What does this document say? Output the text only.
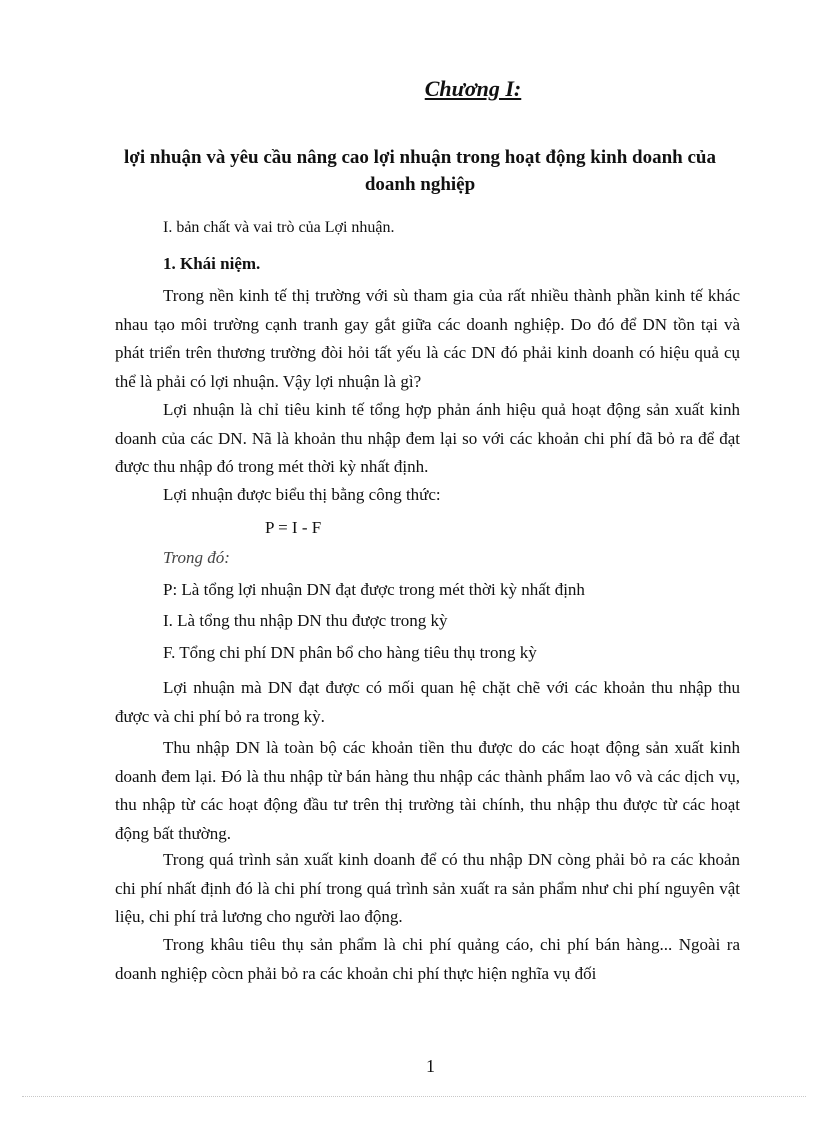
Chương I:
lợi nhuận và yêu cầu nâng cao lợi nhuận trong hoạt động kinh doanh của doanh nghiệp
I. bản chất và vai trò của Lợi nhuận.
1. Khái niệm.
Trong nền kinh tế thị trường với sù tham gia của rất nhiều thành phần kinh tế khác nhau tạo môi trường cạnh tranh gay gắt giữa các doanh nghiệp. Do đó để DN tồn tại và phát triển trên thương trường đòi hỏi tất yếu là các DN đó phải kinh doanh có hiệu quả cụ thể là phải có lợi nhuận. Vậy lợi nhuận là gì?
Lợi nhuận là chỉ tiêu kinh tế tổng hợp phản ánh hiệu quả hoạt động sản xuất kinh doanh của các DN. Nã là khoản thu nhập đem lại so với các khoản chi phí đã bỏ ra để đạt được thu nhập đó trong mét thời kỳ nhất định.
Lợi nhuận được biểu thị bằng công thức:
P = I - F
Trong đó:
P: Là tổng lợi nhuận DN đạt được trong mét thời kỳ nhất định
I. Là tổng thu nhập DN thu được trong kỳ
F. Tổng chi phí DN phân bổ cho hàng tiêu thụ trong kỳ
Lợi nhuận mà DN đạt được có mối quan hệ chặt chẽ với các khoản thu nhập thu được và chi phí bỏ ra trong kỳ.
Thu nhập DN là toàn bộ các khoản tiền thu được do các hoạt động sản xuất kinh doanh đem lại. Đó là thu nhập từ bán hàng thu nhập các thành phẩm lao vô và các dịch vụ, thu nhập từ các hoạt động đầu tư trên thị trường tài chính, thu nhập thu được từ các hoạt động bất thường.
Trong quá trình sản xuất kinh doanh để có thu nhập DN còng phải bỏ ra các khoản chi phí nhất định đó là chi phí trong quá trình sản xuất ra sản phẩm như chi phí nguyên vật liệu, chi phí trả lương cho người lao động.
Trong khâu tiêu thụ sản phẩm là chi phí quảng cáo, chi phí bán hàng... Ngoài ra doanh nghiệp còcn phải bỏ ra các khoản chi phí thực hiện nghĩa vụ đối
1
